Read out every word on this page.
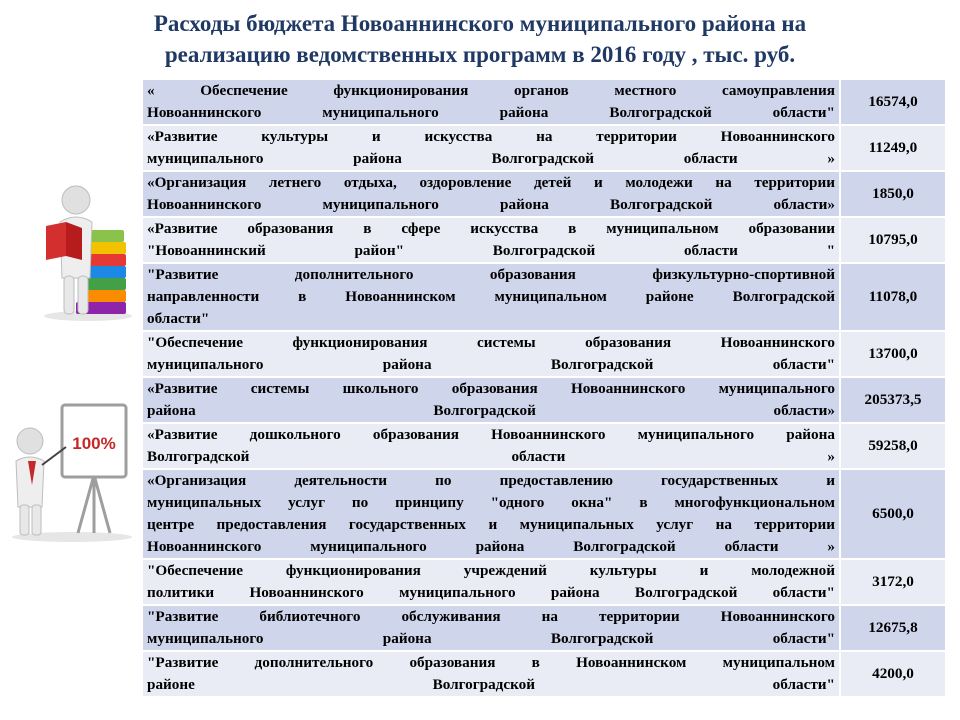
Расходы бюджета Новоаннинского муниципального района на
реализацию ведомственных программ в 2016 году , тыс. руб.
100%
« Обеспечение функционирования органов местного самоуправления
Новоаннинского муниципального района Волгоградской области"	16574,0

«Развитие культуры и искусства на территории Новоаннинского
муниципального района Волгоградской области »	11249,0

«Организация летнего отдыха, оздоровление детей и молодежи на территории
Новоаннинского муниципального района Волгоградской области»	1850,0

«Развитие образования в сфере искусства в муниципальном образовании
"Новоаннинский район" Волгоградской области "	10795,0

"Развитие дополнительного образования физкультурно-спортивной
направленности в Новоаннинском муниципальном районе Волгоградской
области"	11078,0

"Обеспечение функционирования системы образования Новоаннинского
муниципального района Волгоградской области"	13700,0

«Развитие системы школьного образования Новоаннинского муниципального
района Волгоградской области»	205373,5

«Развитие дошкольного образования Новоаннинского муниципального района
Волгоградской области »	59258,0

«Организация деятельности по предоставлению государственных и
муниципальных услуг по принципу "одного окна" в многофункциональном
центре предоставления государственных и муниципальных услуг на территории
Новоаннинского муниципального района Волгоградской области »	6500,0

"Обеспечение функционирования учреждений культуры и молодежной
политики Новоаннинского муниципального района Волгоградской области"	3172,0

"Развитие библиотечного обслуживания на территории Новоаннинского
муниципального района Волгоградской области"	12675,8

"Развитие дополнительного образования в Новоаннинском муниципальном
районе Волгоградской области"	4200,0
